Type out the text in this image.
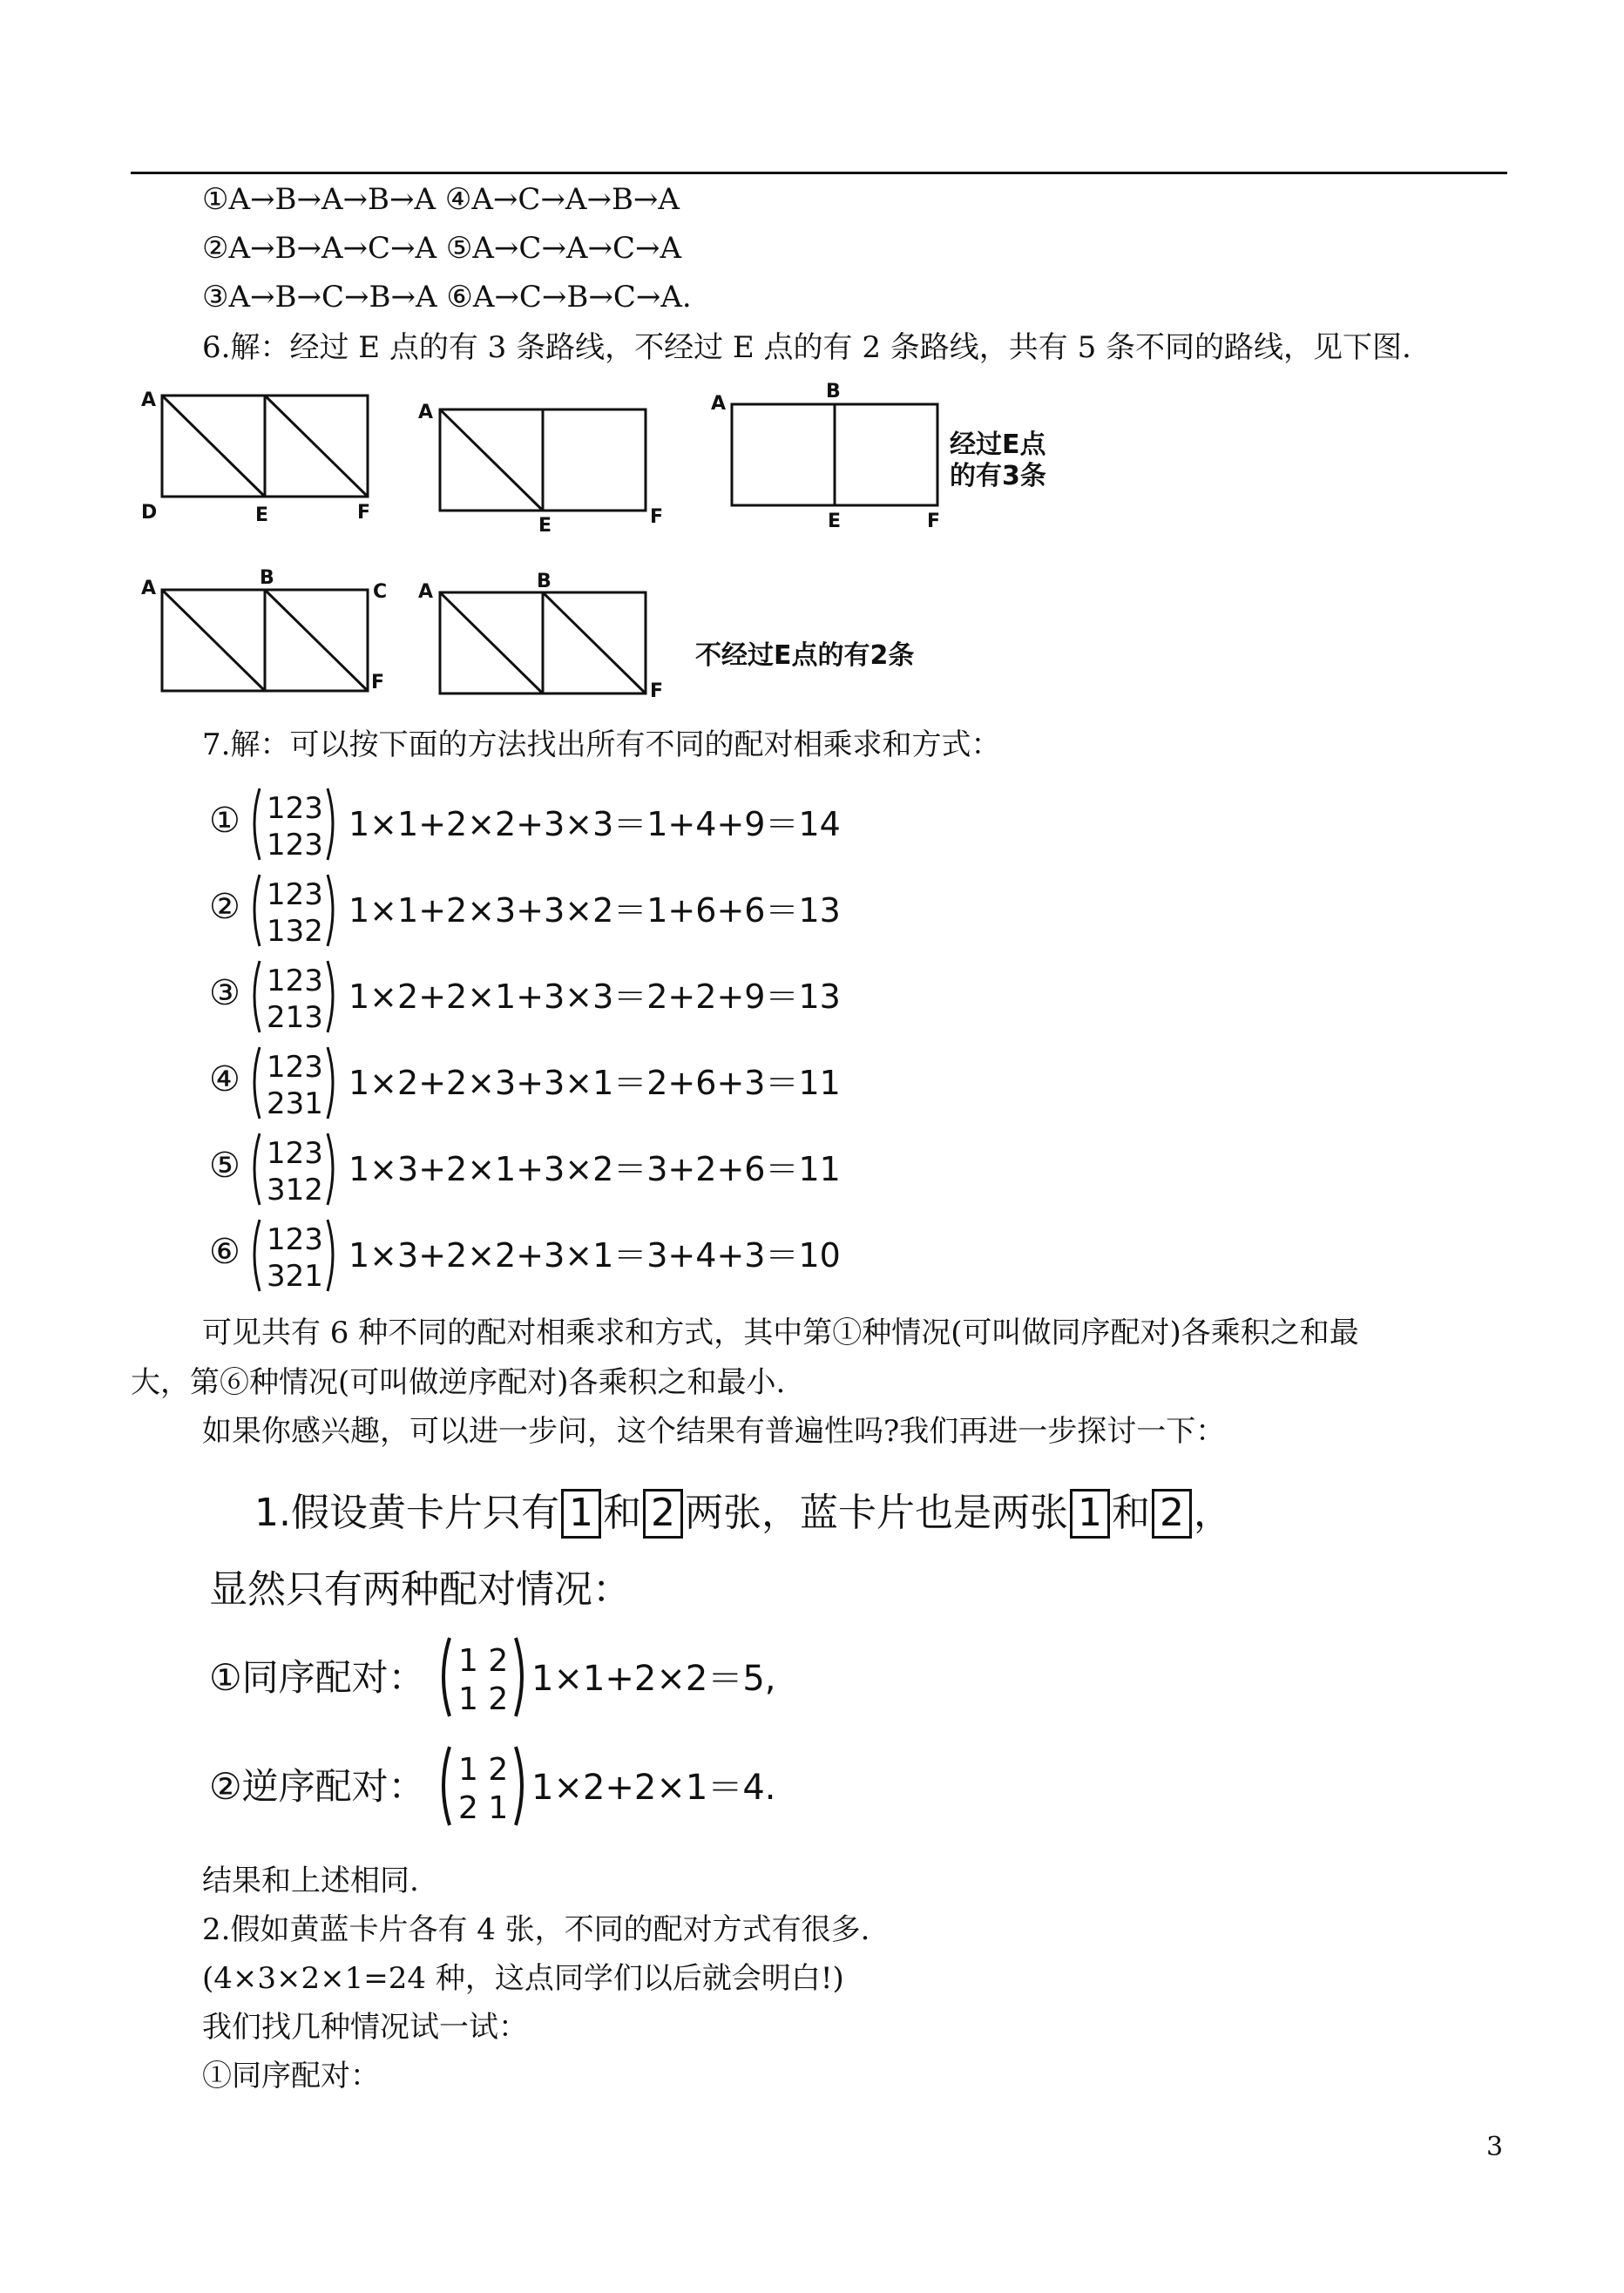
①A→B→A→B→A ④A→C→A→B→A
②A→B→A→C→A ⑤A→C→A→C→A
③A→B→C→B→A ⑥A→C→B→C→A.
6.解：经过 E 点的有 3 条路线，不经过 E 点的有 2 条路线，共有 5 条不同的路线，见下图.
A
D	E	F
A
E	F
A
B
E	F
A	B
C
F
A	B
F
经过E点
的有3条
不经过E点的有2条
7.解：可以按下面的方法找出所有不同的配对相乘求和方式：
① 123
123
1×1+2×2+3×3＝1+4+9＝14
② 123
132
1×1+2×3+3×2＝1+6+6＝13
③ 123
213
1×2+2×1+3×3＝2+2+9＝13
④ 123
231
1×2+2×3+3×1＝2+6+3＝11
⑤ 123
312
1×3+2×1+3×2＝3+2+6＝11
⑥ 123
321
1×3+2×2+3×1＝3+4+3＝10
可见共有 6 种不同的配对相乘求和方式，其中第①种情况(可叫做同序配对)各乘积之和最
大，第⑥种情况(可叫做逆序配对)各乘积之和最小.
如果你感兴趣，可以进一步问，这个结果有普遍性吗?我们再进一步探讨一下：
1.假设黄卡片只有 1 和 2 两张，蓝卡片也是两张 1 和 2 ，
显然只有两种配对情况：
①同序配对： 1 2
1 2
1×1+2×2＝5,
②逆序配对： 1 2
2 1
1×2+2×1＝4.
结果和上述相同.
2.假如黄蓝卡片各有 4 张，不同的配对方式有很多.
(4×3×2×1=24 种，这点同学们以后就会明白!)
我们找几种情况试一试：
①同序配对：
3
